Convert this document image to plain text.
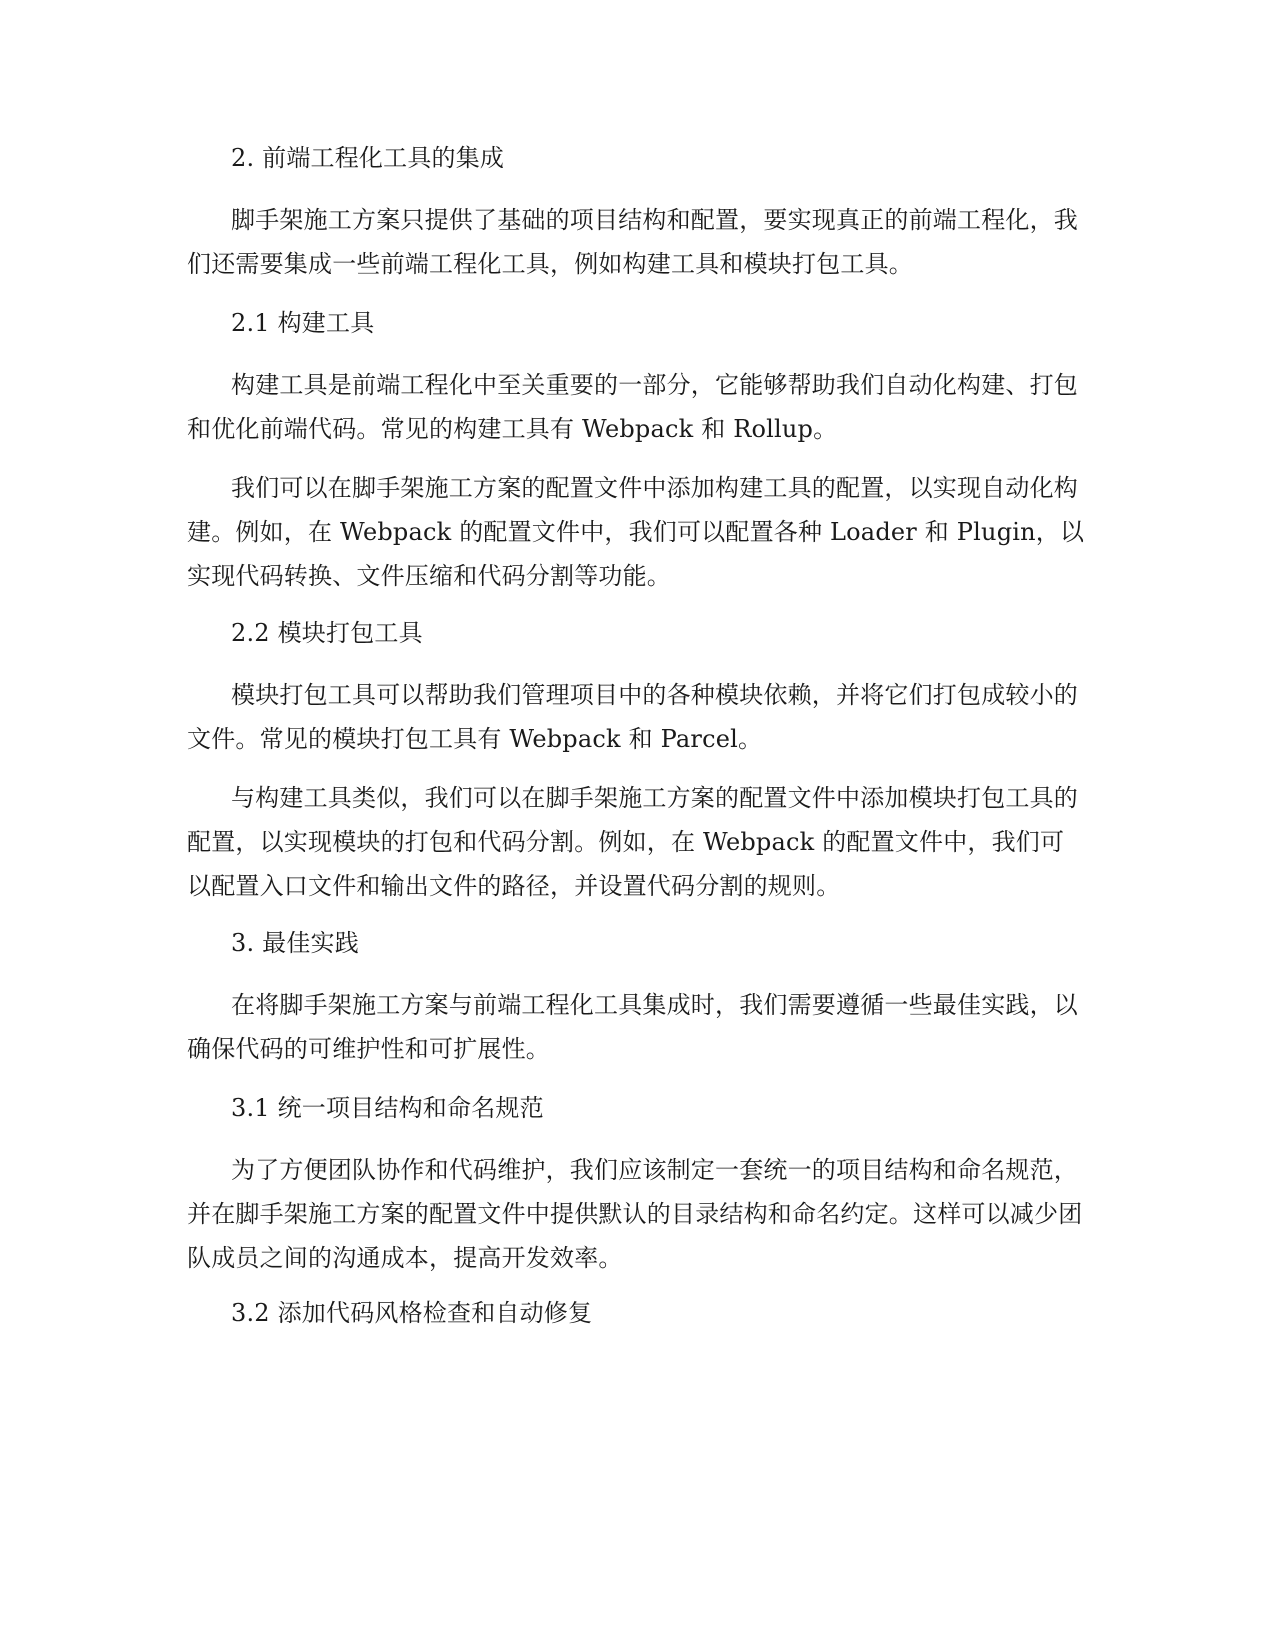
2. 前端工程化工具的集成

脚手架施工方案只提供了基础的项目结构和配置，要实现真正的前端工程化，我们还需要集成一些前端工程化工具，例如构建工具和模块打包工具。

2.1 构建工具

构建工具是前端工程化中至关重要的一部分，它能够帮助我们自动化构建、打包和优化前端代码。常见的构建工具有 Webpack 和 Rollup。

我们可以在脚手架施工方案的配置文件中添加构建工具的配置，以实现自动化构建。例如，在 Webpack 的配置文件中，我们可以配置各种 Loader 和 Plugin，以实现代码转换、文件压缩和代码分割等功能。

2.2 模块打包工具

模块打包工具可以帮助我们管理项目中的各种模块依赖，并将它们打包成较小的文件。常见的模块打包工具有 Webpack 和 Parcel。

与构建工具类似，我们可以在脚手架施工方案的配置文件中添加模块打包工具的配置，以实现模块的打包和代码分割。例如，在 Webpack 的配置文件中，我们可以配置入口文件和输出文件的路径，并设置代码分割的规则。

3. 最佳实践

在将脚手架施工方案与前端工程化工具集成时，我们需要遵循一些最佳实践，以确保代码的可维护性和可扩展性。

3.1 统一项目结构和命名规范

为了方便团队协作和代码维护，我们应该制定一套统一的项目结构和命名规范，并在脚手架施工方案的配置文件中提供默认的目录结构和命名约定。这样可以减少团队成员之间的沟通成本，提高开发效率。

3.2 添加代码风格检查和自动修复
